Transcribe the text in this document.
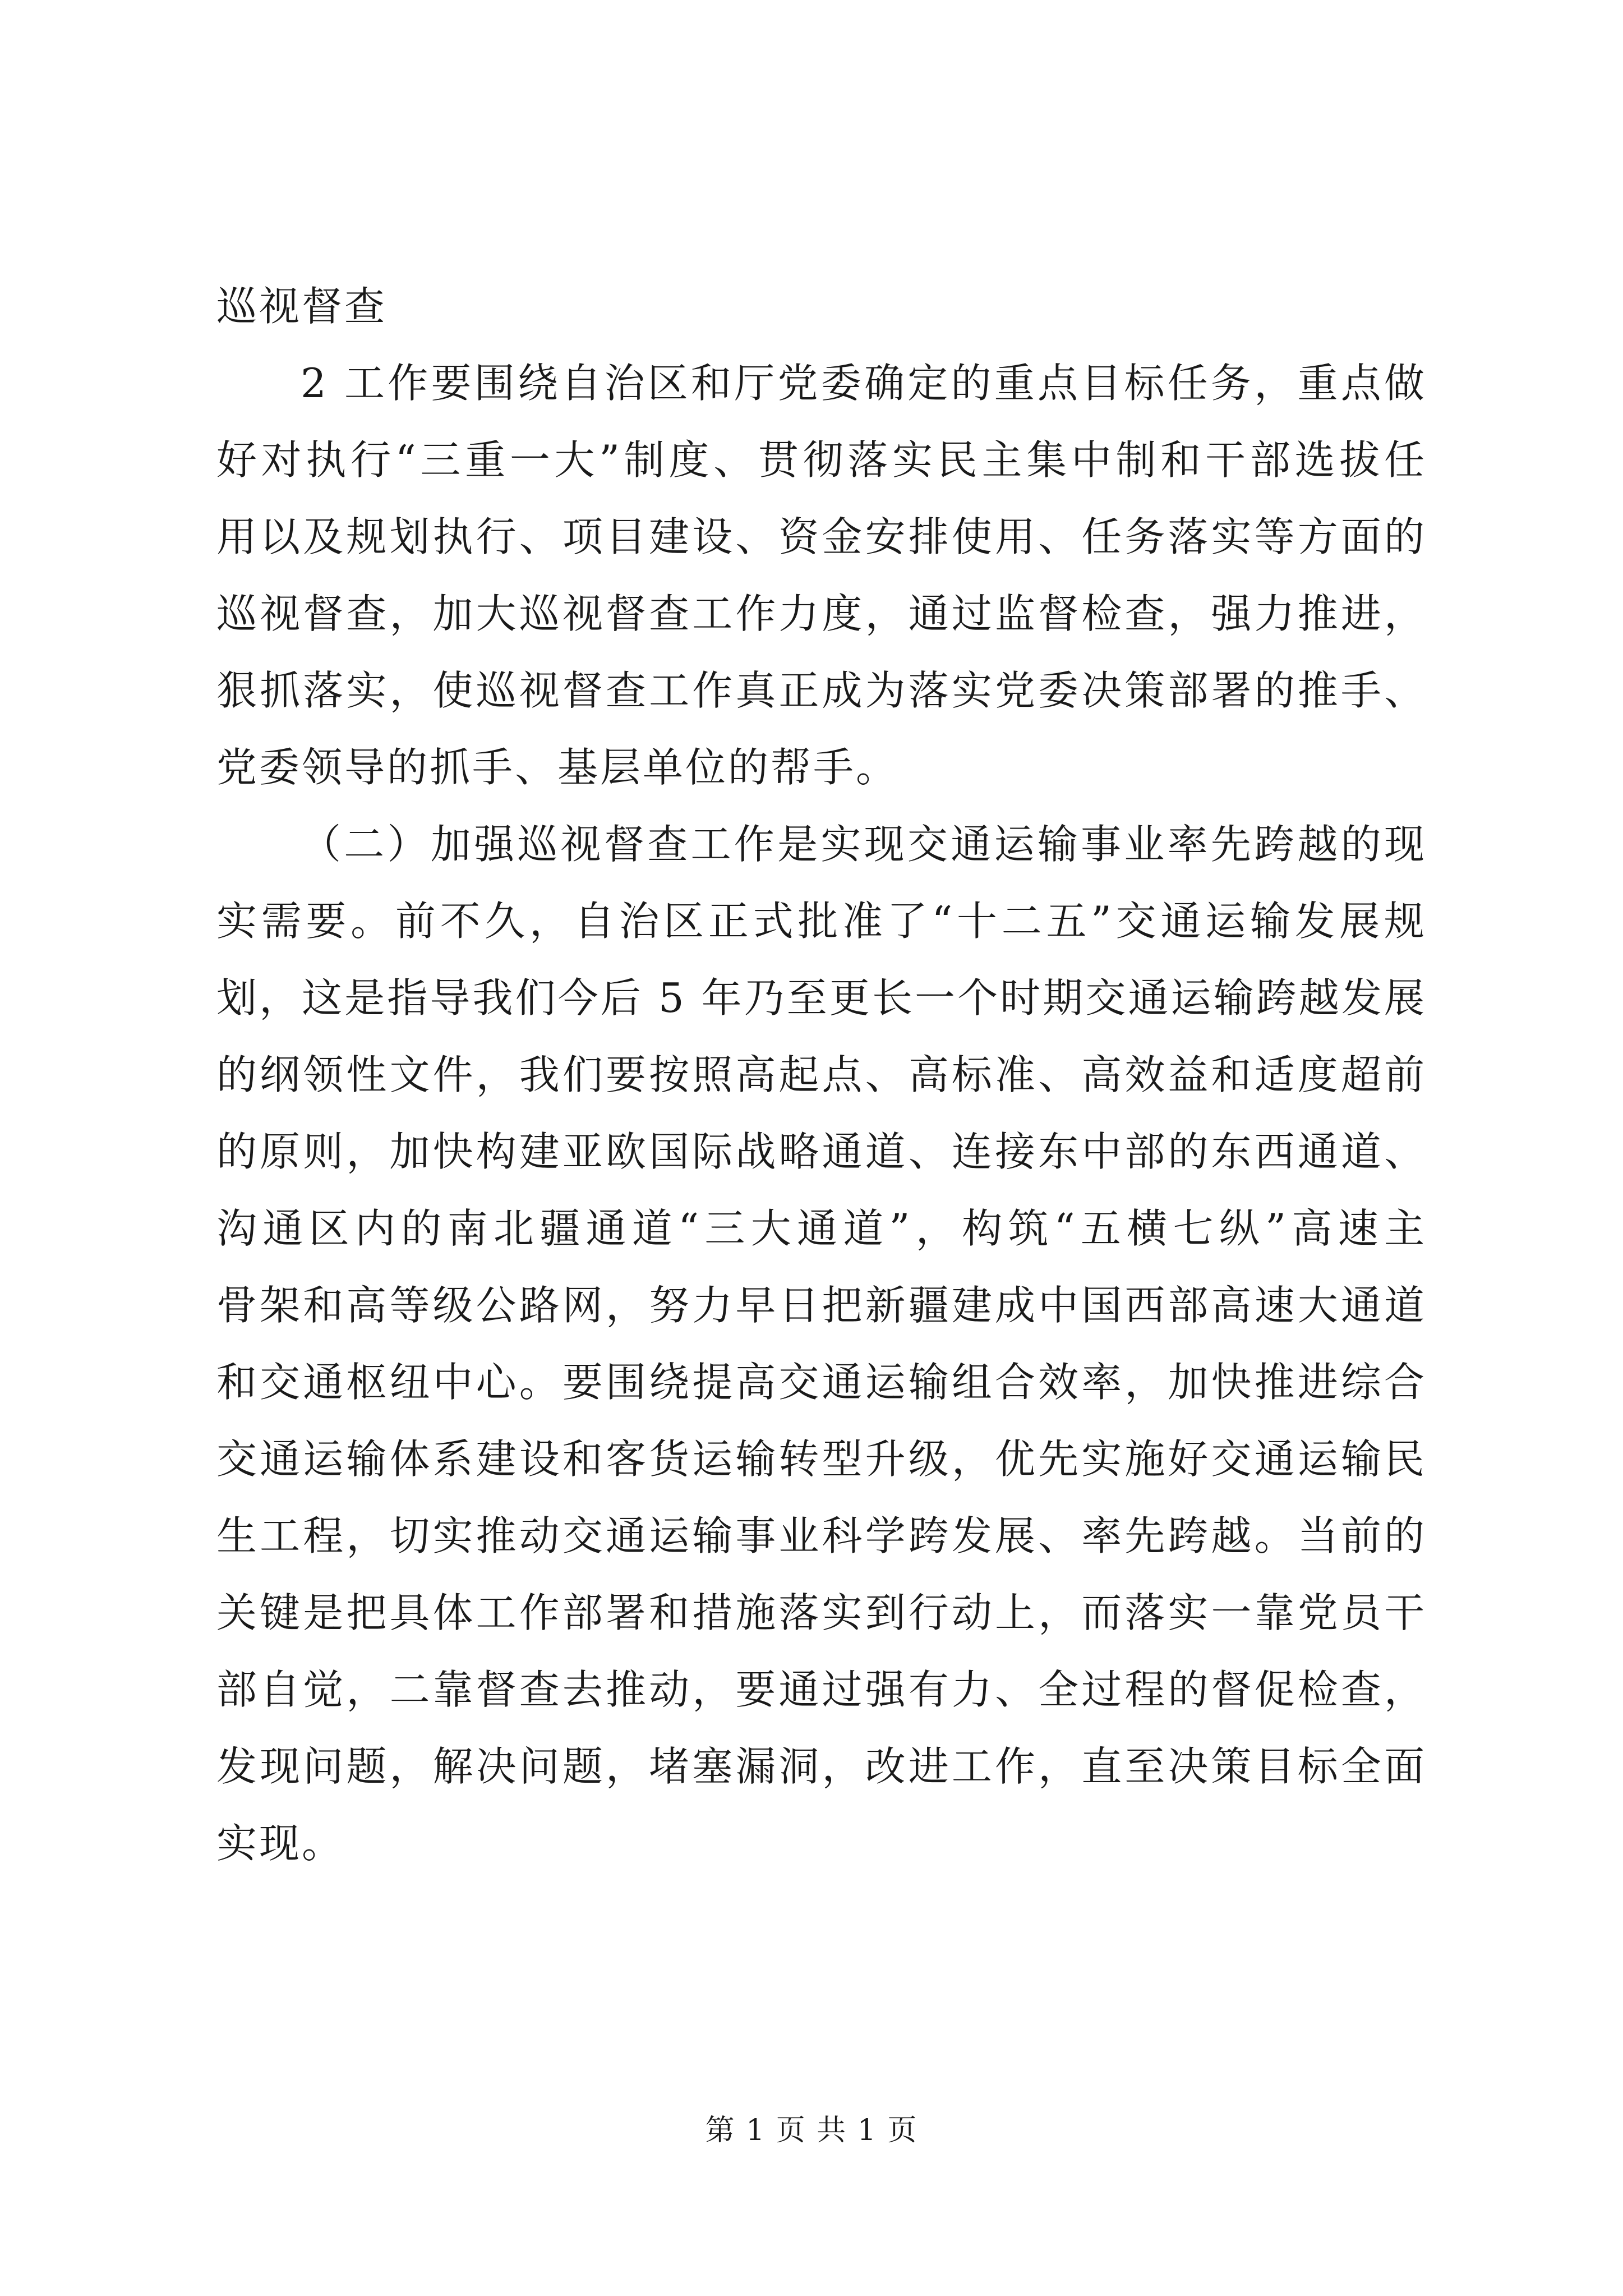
巡视督查
2 工作要围绕自治区和厅党委确定的重点目标任务，重点做
好对执行“三重一大”制度、贯彻落实民主集中制和干部选拔任
用以及规划执行、项目建设、资金安排使用、任务落实等方面的
巡视督查，加大巡视督查工作力度，通过监督检查，强力推进，
狠抓落实，使巡视督查工作真正成为落实党委决策部署的推手、
党委领导的抓手、基层单位的帮手。
（二）加强巡视督查工作是实现交通运输事业率先跨越的现
实需要。前不久，自治区正式批准了“十二五”交通运输发展规
划，这是指导我们今后 5 年乃至更长一个时期交通运输跨越发展
的纲领性文件，我们要按照高起点、高标准、高效益和适度超前
的原则，加快构建亚欧国际战略通道、连接东中部的东西通道、
沟通区内的南北疆通道“三大通道”，构筑“五横七纵”高速主
骨架和高等级公路网，努力早日把新疆建成中国西部高速大通道
和交通枢纽中心。要围绕提高交通运输组合效率，加快推进综合
交通运输体系建设和客货运输转型升级，优先实施好交通运输民
生工程，切实推动交通运输事业科学跨发展、率先跨越。当前的
关键是把具体工作部署和措施落实到行动上，而落实一靠党员干
部自觉，二靠督查去推动，要通过强有力、全过程的督促检查，
发现问题，解决问题，堵塞漏洞，改进工作，直至决策目标全面
实现。
第 1 页 共 1 页
